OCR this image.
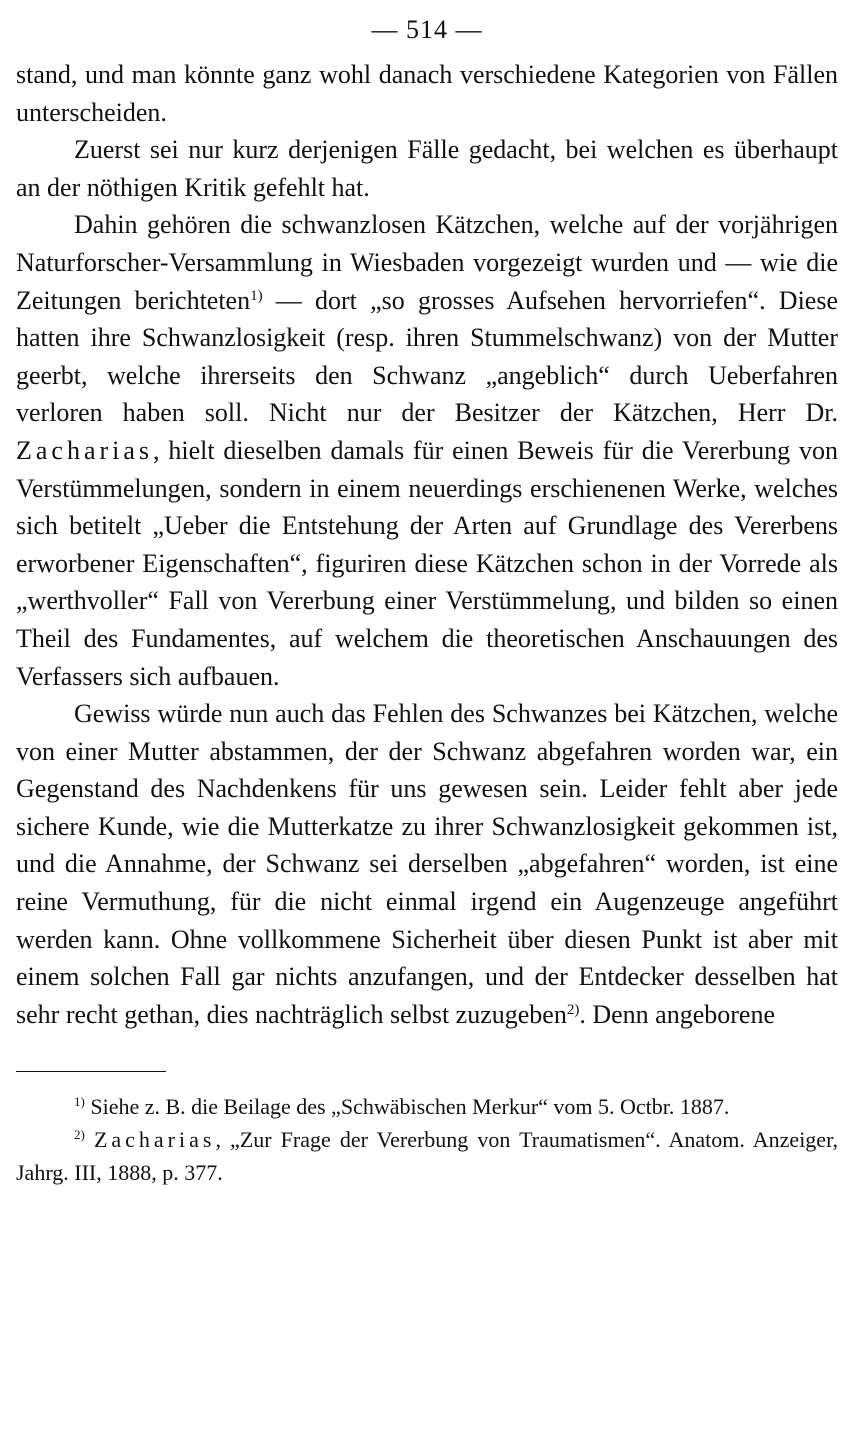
— 514 —

stand, und man könnte ganz wohl danach verschiedene Kategorien von Fällen unterscheiden.

Zuerst sei nur kurz derjenigen Fälle gedacht, bei welchen es überhaupt an der nöthigen Kritik gefehlt hat.

Dahin gehören die schwanzlosen Kätzchen, welche auf der vorjährigen Naturforscher-Versammlung in Wiesbaden vorgezeigt wurden und — wie die Zeitungen berichteten$^{1)}$ — dort „so grosses Aufsehen hervorriefen“. Diese hatten ihre Schwanzlosigkeit (resp. ihren Stummelschwanz) von der Mutter geerbt, welche ihrerseits den Schwanz „angeblich“ durch Ueberfahren verloren haben soll. Nicht nur der Besitzer der Kätzchen, Herr Dr. Zacharias, hielt dieselben damals für einen Beweis für die Vererbung von Verstümmelungen, sondern in einem neuerdings erschienenen Werke, welches sich betitelt „Ueber die Entstehung der Arten auf Grundlage des Vererbens erworbener Eigenschaften“, figuriren diese Kätzchen schon in der Vorrede als „werthvoller“ Fall von Vererbung einer Verstümmelung, und bilden so einen Theil des Fundamentes, auf welchem die theoretischen Anschauungen des Verfassers sich aufbauen.

Gewiss würde nun auch das Fehlen des Schwanzes bei Kätzchen, welche von einer Mutter abstammen, der der Schwanz abgefahren worden war, ein Gegenstand des Nachdenkens für uns gewesen sein. Leider fehlt aber jede sichere Kunde, wie die Mutterkatze zu ihrer Schwanzlosigkeit gekommen ist, und die Annahme, der Schwanz sei derselben „abgefahren“ worden, ist eine reine Vermuthung, für die nicht einmal irgend ein Augenzeuge angeführt werden kann. Ohne vollkommene Sicherheit über diesen Punkt ist aber mit einem solchen Fall gar nichts anzufangen, und der Entdecker desselben hat sehr recht gethan, dies nachträglich selbst zuzugeben$^{2)}$. Denn angeborene

$^{1)}$ Siehe z. B. die Beilage des „Schwäbischen Merkur“ vom 5. Octbr. 1887.

$^{2)}$ Zacharias, „Zur Frage der Vererbung von Traumatismen“. Anatom. Anzeiger, Jahrg. III, 1888, p. 377.
